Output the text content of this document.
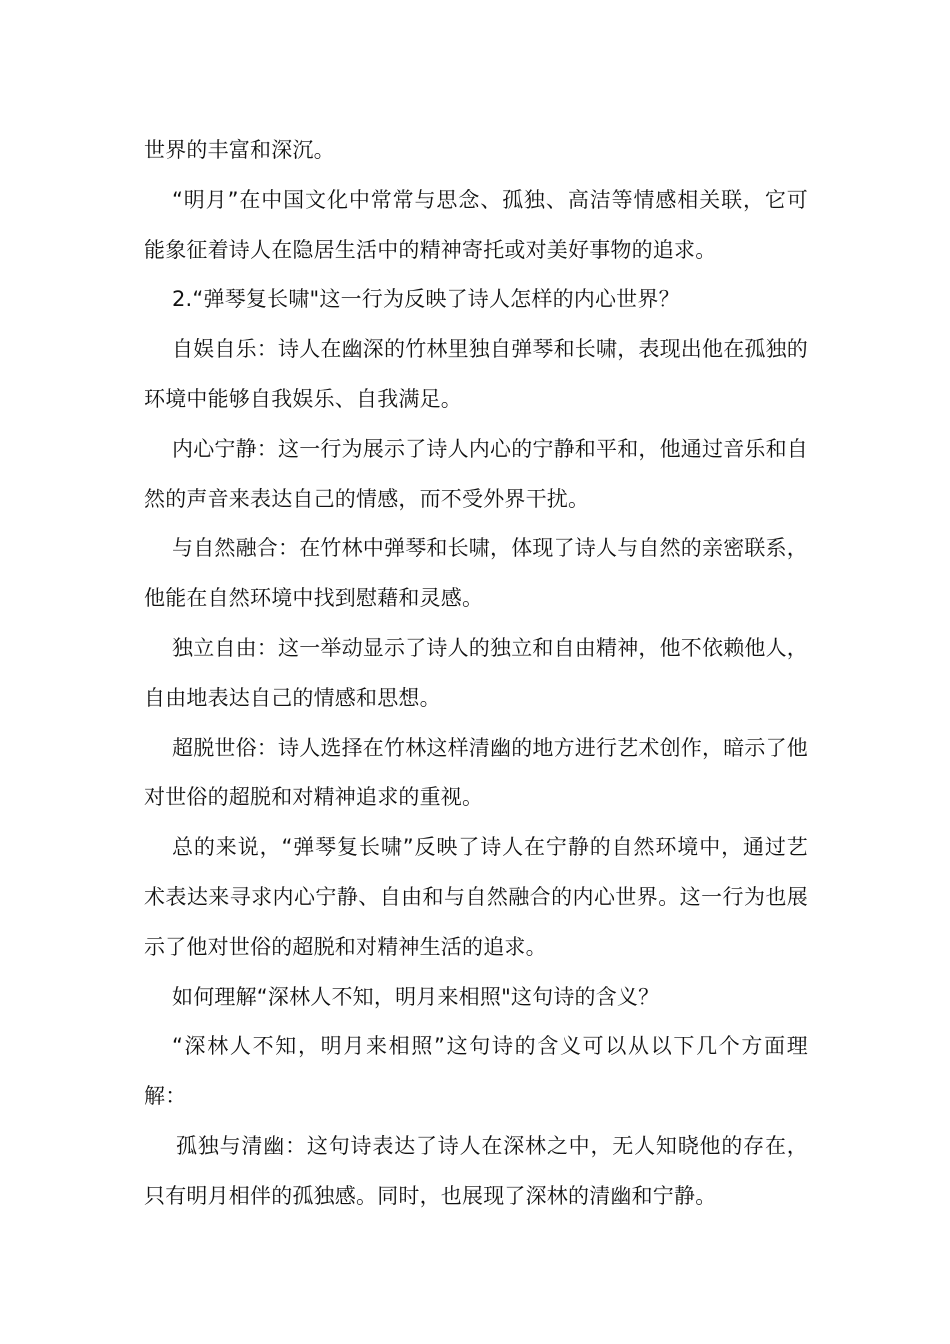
世界的丰富和深沉。

“明月”在中国文化中常常与思念、孤独、高洁等情感相关联，它可能象征着诗人在隐居生活中的精神寄托或对美好事物的追求。

2.“弹琴复长啸"这一行为反映了诗人怎样的内心世界？

自娱自乐：诗人在幽深的竹林里独自弹琴和长啸，表现出他在孤独的环境中能够自我娱乐、自我满足。

内心宁静：这一行为展示了诗人内心的宁静和平和，他通过音乐和自然的声音来表达自己的情感，而不受外界干扰。

与自然融合：在竹林中弹琴和长啸，体现了诗人与自然的亲密联系，他能在自然环境中找到慰藉和灵感。

独立自由：这一举动显示了诗人的独立和自由精神，他不依赖他人，自由地表达自己的情感和思想。

超脱世俗：诗人选择在竹林这样清幽的地方进行艺术创作，暗示了他对世俗的超脱和对精神追求的重视。

总的来说，“弹琴复长啸”反映了诗人在宁静的自然环境中，通过艺术表达来寻求内心宁静、自由和与自然融合的内心世界。这一行为也展示了他对世俗的超脱和对精神生活的追求。

如何理解“深林人不知，明月来相照"这句诗的含义？

“深林人不知，明月来相照”这句诗的含义可以从以下几个方面理解：

孤独与清幽：这句诗表达了诗人在深林之中，无人知晓他的存在，只有明月相伴的孤独感。同时，也展现了深林的清幽和宁静。
